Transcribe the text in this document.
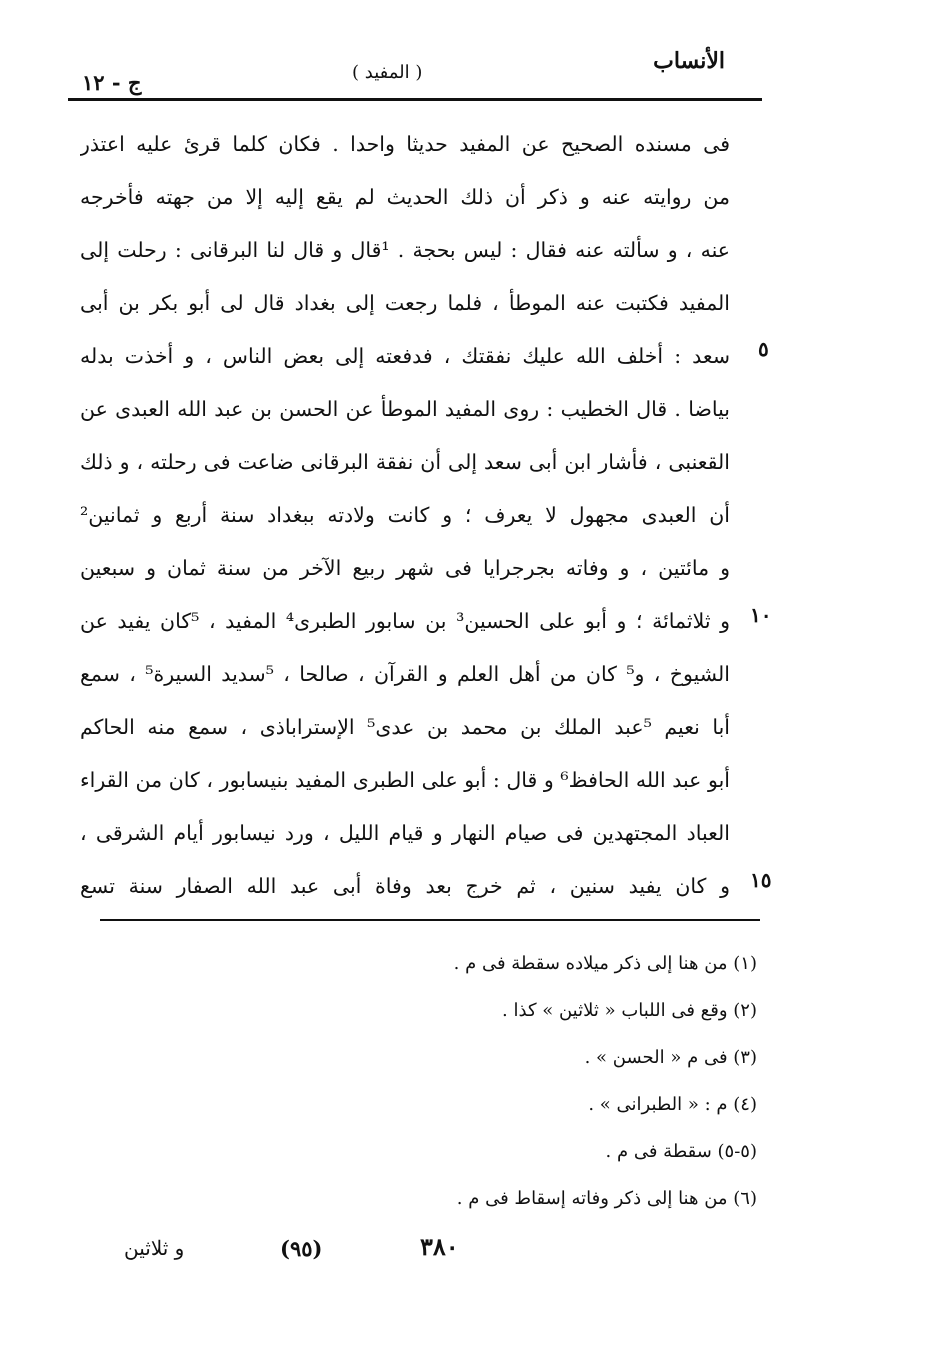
الأنساب
( المفيد )
ج - ١٢
فى مسنده الصحيح عن المفيد حديثا واحدا . فكان كلما قرئ عليه اعتذر
من روايته عنه و ذكر أن ذلك الحديث لم يقع إليه إلا من جهته فأخرجه
عنه ، و سألته عنه فقال : ليس بحجة . ¹قال و قال لنا البرقانى : رحلت إلى
المفيد فكتبت عنه الموطأ ، فلما رجعت إلى بغداد قال لى أبو بكر بن أبى
سعد : أخلف الله عليك نفقتك ، فدفعته إلى بعض الناس ، و أخذت بدله
بياضا . قال الخطيب : روى المفيد الموطأ عن الحسن بن عبد الله العبدى عن
القعنبى ، فأشار ابن أبى سعد إلى أن نفقة البرقانى ضاعت فى رحلته ، و ذلك
أن العبدى مجهول لا يعرف ؛ و كانت ولادته ببغداد سنة أربع و ثمانين²
و مائتين ، و وفاته بجرجرايا فى شهر ربيع الآخر من سنة ثمان و سبعين
و ثلاثمائة ؛ و أبو على الحسين³ بن سابور الطبرى⁴ المفيد ، ⁵كان يفيد عن
الشيوخ ، و⁵ كان من أهل العلم و القرآن ، صالحا ، ⁵سديد السيرة⁵ ، سمع
أبا نعيم ⁵عبد الملك بن محمد بن عدى⁵ الإستراباذى ، سمع منه الحاكم
أبو عبد الله الحافظ⁶ و قال : أبو على الطبرى المفيد بنيسابور ، كان من القراء
العباد المجتهدين فى صيام النهار و قيام الليل ، ورد نيسابور أيام الشرقى ،
و كان يفيد سنين ، ثم خرج بعد وفاة أبى عبد الله الصفار سنة تسع
٥
١٠
١٥
(١) من هنا إلى ذكر ميلاده سقطة فى م .
(٢) وقع فى اللباب « ثلاثين » كذا .
(٣) فى م « الحسن » .
(٤) م : « الطبرانى » .
(٥-٥) سقطة فى م .
(٦) من هنا إلى ذكر وفاته إسقاط فى م .
٣٨٠
(٩٥)
و ثلاثين
